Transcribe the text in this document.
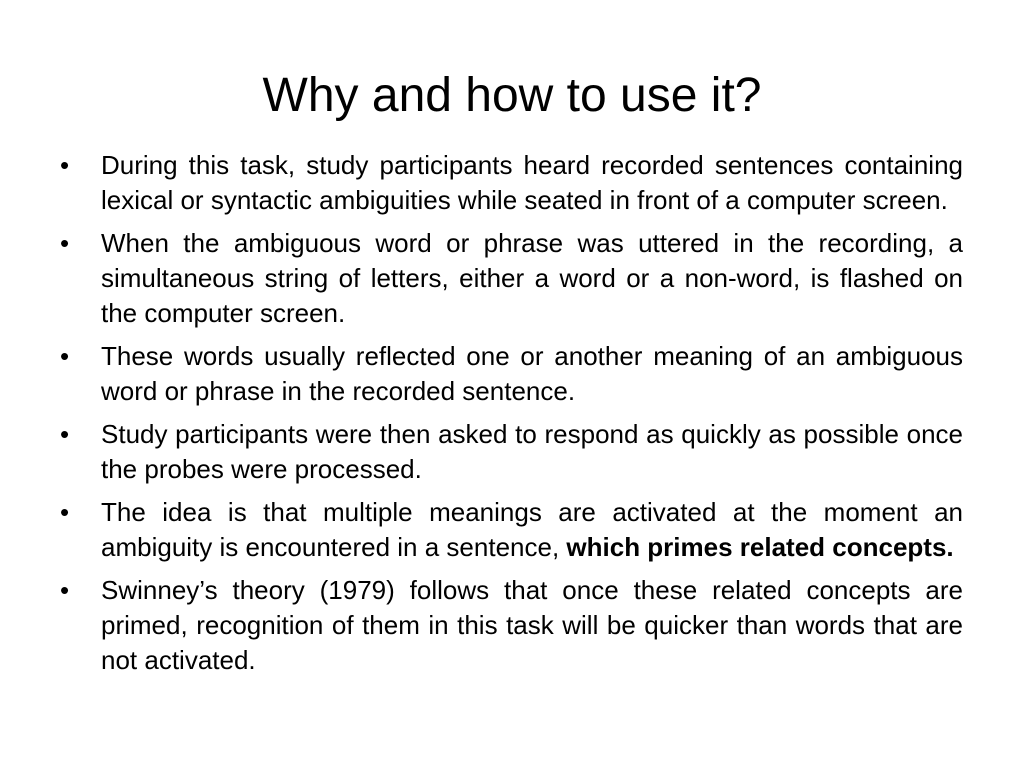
Why and how to use it?
•	During this task, study participants heard recorded sentences containing lexical or syntactic ambiguities while seated in front of a computer screen.
•	When the ambiguous word or phrase was uttered in the recording, a simultaneous string of letters, either a word or a non-word, is flashed on the computer screen.
•	These words usually reflected one or another meaning of an ambiguous word or phrase in the recorded sentence.
•	Study participants were then asked to respond as quickly as possible once the probes were processed.
•	The idea is that multiple meanings are activated at the moment an ambiguity is encountered in a sentence, which primes related concepts.
•	Swinney’s theory (1979) follows that once these related concepts are primed, recognition of them in this task will be quicker than words that are not activated.
